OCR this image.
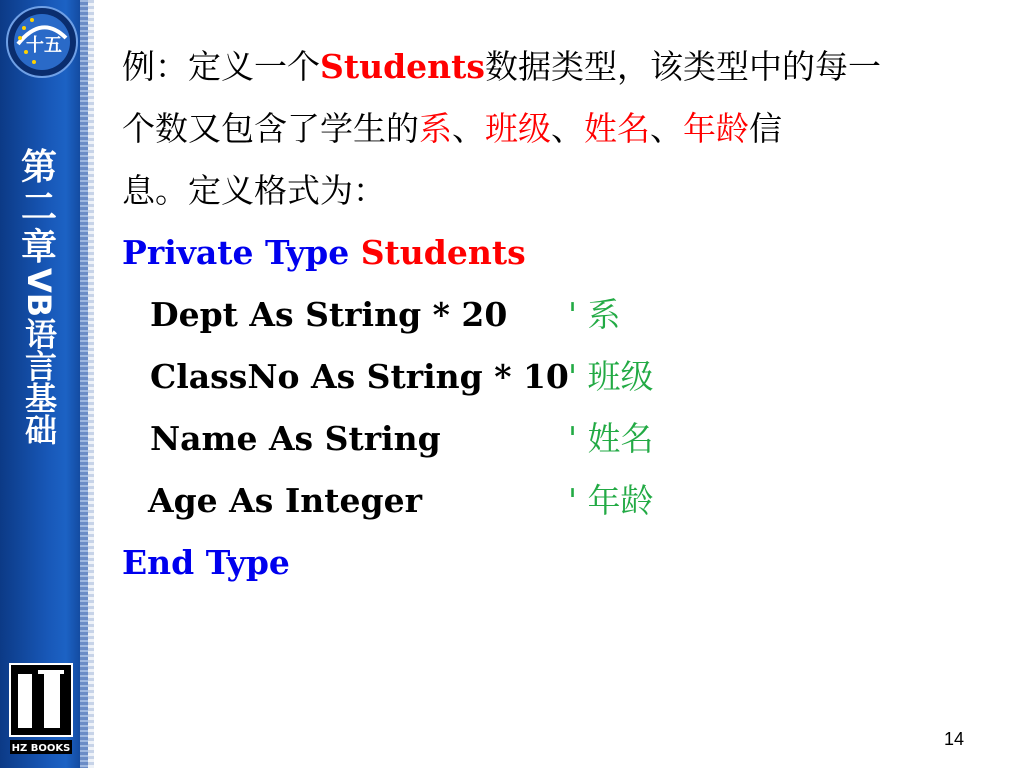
十五
第二章
VB语言基础
HZ BOOKS

例：定义一个Students数据类型，该类型中的每一

个数又包含了学生的系、班级、姓名、年龄信

息。定义格式为：

Private Type Students

Dept As String * 20 ' 系
ClassNo As String * 10 ' 班级
Name As String	' 姓名
Age As Integer	' 年龄

End Type

14
